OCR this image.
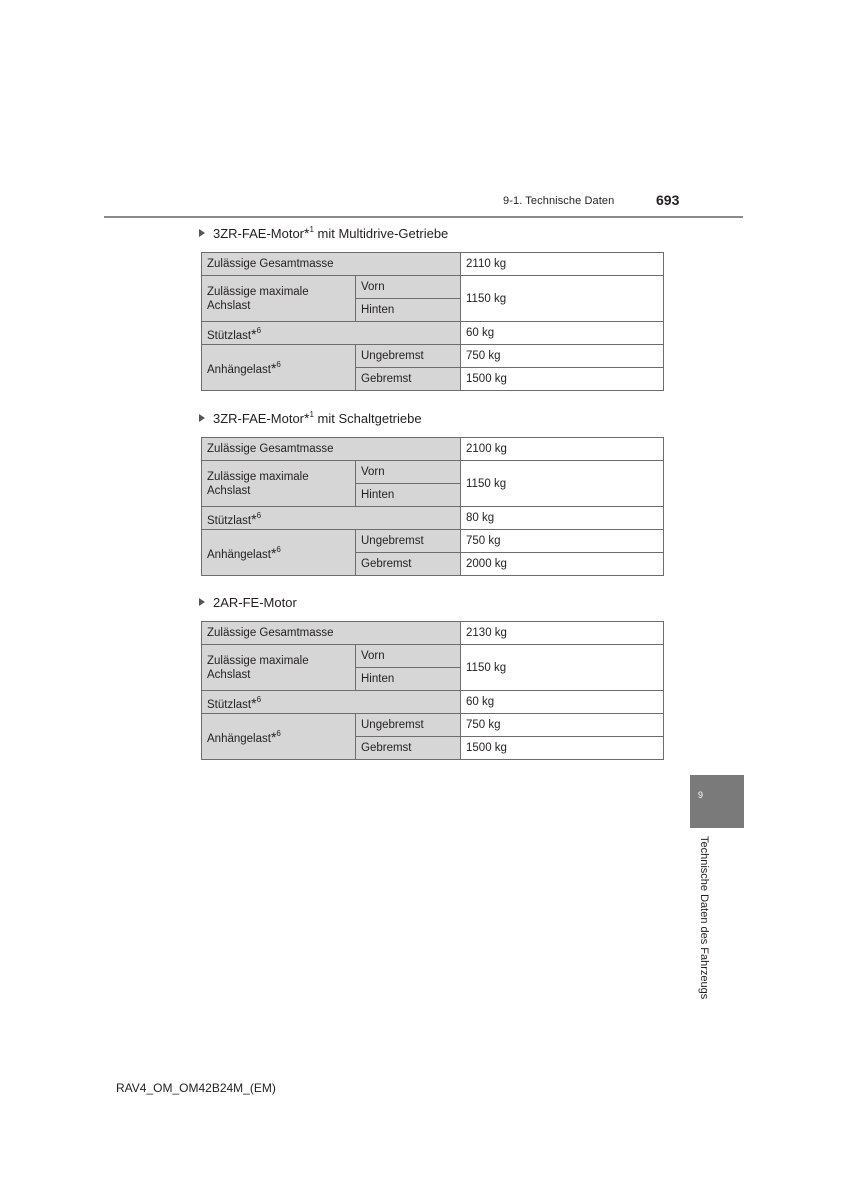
9-1. Technische Daten	693
3ZR-FAE-Motor*$^1$ mit Multidrive-Getriebe
Zulässige Gesamtmasse		2110 kg
Zulässige maximale Achslast	Vorn	1150 kg
	Hinten	
Stützlast*$^6$		60 kg
Anhängelast*$^6$	Ungebremst	750 kg
	Gebremst	1500 kg
3ZR-FAE-Motor*$^1$ mit Schaltgetriebe
Zulässige Gesamtmasse		2100 kg
Zulässige maximale Achslast	Vorn	1150 kg
	Hinten	
Stützlast*$^6$		80 kg
Anhängelast*$^6$	Ungebremst	750 kg
	Gebremst	2000 kg
2AR-FE-Motor
Zulässige Gesamtmasse		2130 kg
Zulässige maximale Achslast	Vorn	1150 kg
	Hinten	
Stützlast*$^6$		60 kg
Anhängelast*$^6$	Ungebremst	750 kg
	Gebremst	1500 kg
9
Technische Daten des Fahrzeugs
RAV4_OM_OM42B24M_(EM)
